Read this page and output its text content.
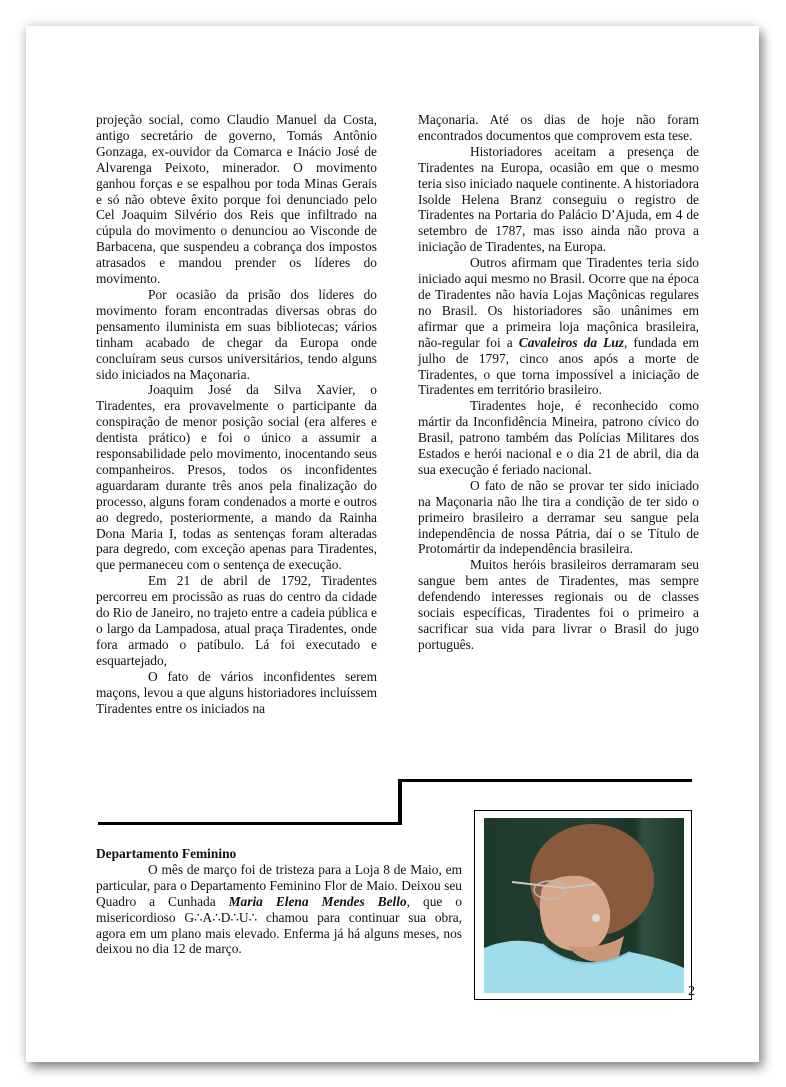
projeção social, como Claudio Manuel da Costa, antigo secretário de governo, Tomás Antônio Gonzaga, ex-ouvidor da Comarca e Inácio José de Alvarenga Peixoto, minerador. O movimento ganhou forças e se espalhou por toda Minas Gerais e só não obteve êxito porque foi denunciado pelo Cel Joaquim Silvério dos Reis que infiltrado na cúpula do movimento o denunciou ao Visconde de Barbacena, que suspendeu a cobrança dos impostos atrasados e mandou prender os líderes do movimento.

Por ocasião da prisão dos líderes do movimento foram encontradas diversas obras do pensamento iluminista em suas bibliotecas; vários tinham acabado de chegar da Europa onde concluíram seus cursos universitários, tendo alguns sido iniciados na Maçonaria.

Joaquim José da Silva Xavier, o Tiradentes, era provavelmente o participante da conspiração de menor posição social (era alferes e dentista prático) e foi o único a assumir a responsabilidade pelo movimento, inocentando seus companheiros. Presos, todos os inconfidentes aguardaram durante três anos pela finalização do processo, alguns foram condenados a morte e outros ao degredo, posteriormente, a mando da Rainha Dona Maria I, todas as sentenças foram alteradas para degredo, com exceção apenas para Tiradentes, que permaneceu com o sentença de execução.

Em 21 de abril de 1792, Tiradentes percorreu em procissão as ruas do centro da cidade do Rio de Janeiro, no trajeto entre a cadeia pública e o largo da Lampadosa, atual praça Tiradentes, onde fora armado o patíbulo. Lá foi executado e esquartejado,

O fato de vários inconfidentes serem maçons, levou a que alguns historiadores incluíssem Tiradentes entre os iniciados na

Maçonaria. Até os dias de hoje não foram encontrados documentos que comprovem esta tese.

Historiadores aceitam a presença de Tiradentes na Europa, ocasião em que o mesmo teria siso iniciado naquele continente. A historiadora Isolde Helena Branz conseguiu o registro de Tiradentes na Portaria do Palácio D’Ajuda, em 4 de setembro de 1787, mas isso ainda não prova a iniciação de Tiradentes, na Europa.

Outros afirmam que Tiradentes teria sido iniciado aqui mesmo no Brasil. Ocorre que na época de Tiradentes não havia Lojas Maçônicas regulares no Brasil. Os historiadores são unânimes em afirmar que a primeira loja maçônica brasileira, não-regular foi a Cavaleiros da Luz, fundada em julho de 1797, cinco anos após a morte de Tiradentes, o que torna impossível a iniciação de Tiradentes em território brasileiro.

Tiradentes hoje, é reconhecido como mártir da Inconfidência Mineira, patrono cívico do Brasil, patrono também das Polícias Militares dos Estados e herói nacional e o dia 21 de abril, dia da sua execução é feriado nacional.

O fato de não se provar ter sido iniciado na Maçonaria não lhe tira a condição de ter sido o primeiro brasileiro a derramar seu sangue pela independência de nossa Pátria, daí o se Título de Protomártir da independência brasileira.

Muitos heróis brasileiros derramaram seu sangue bem antes de Tiradentes, mas sempre defendendo interesses regionais ou de classes sociais específicas, Tiradentes foi o primeiro a sacrificar sua vida para livrar o Brasil do jugo português.

Departamento Feminino

O mês de março foi de tristeza para a Loja 8 de Maio, em particular, para o Departamento Feminino Flor de Maio. Deixou seu Quadro a Cunhada Maria Elena Mendes Bello, que o misericordioso G∴A∴D∴U∴ chamou para continuar sua obra, agora em um plano mais elevado. Enferma já há alguns meses, nos deixou no dia 12 de março.

2
